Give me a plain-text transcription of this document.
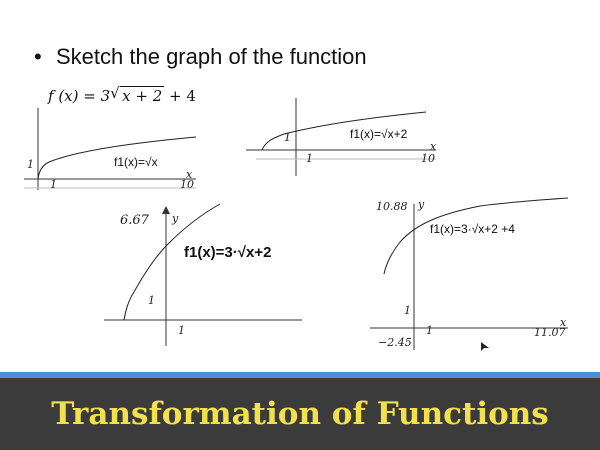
• Sketch the graph of the function
f (x) = 3√ x + 2 + 4
f1(x)=√x
1
1	10
x
f1(x)=√x+2
1
1	10
x
6.67 y
f1(x)=3·√x+2
1
1
10.88 y
f1(x)=3·√x+2 +4
1
1	11.07
x
−2.45
Transformation of Functions
